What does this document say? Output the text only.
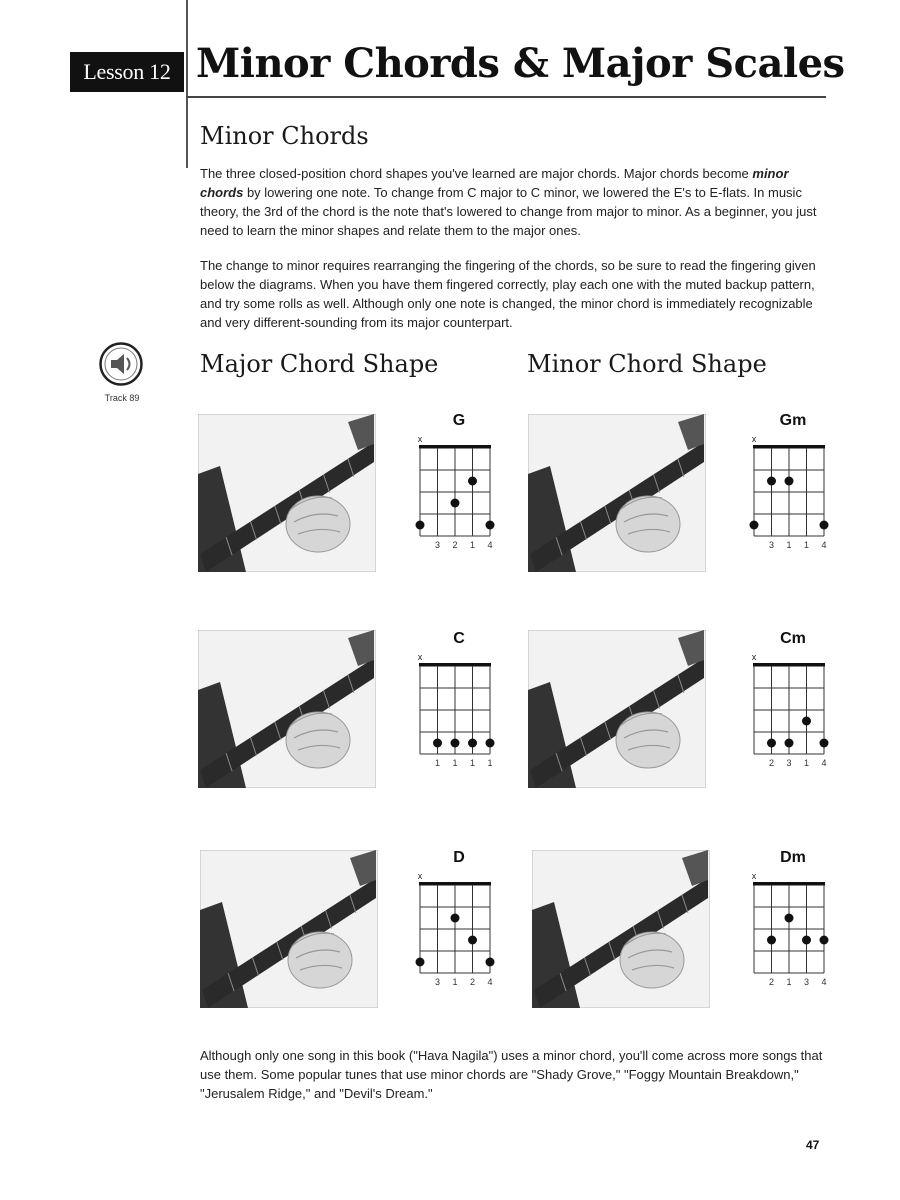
Lesson 12 Minor Chords & Major Scales
Minor Chords

The three closed-position chord shapes you've learned are major chords. Major chords become minor chords by lowering one note. To change from C major to C minor, we lowered the E's to E-flats. In music theory, the 3rd of the chord is the note that's lowered to change from major to minor. As a beginner, you just need to learn the minor shapes and relate them to the major ones.

The change to minor requires rearranging the fingering of the chords, so be sure to read the fingering given below the diagrams. When you have them fingered correctly, play each one with the muted backup pattern, and try some rolls as well. Although only one note is changed, the minor chord is immediately recognizable and very different-sounding from its major counterpart.

Track 89
Major Chord Shape	Minor Chord Shape
G
x
3 2 1 4
Gm
x
3 1 1 4
C
x
1 1 1 1
Cm
x
2 3 1 4
D
x
3 1 2 4
Dm
x
2 1 3 4

Although only one song in this book ("Hava Nagila") uses a minor chord, you'll come across more songs that use them. Some popular tunes that use minor chords are "Shady Grove," "Foggy Mountain Breakdown," "Jerusalem Ridge," and "Devil's Dream."

47
